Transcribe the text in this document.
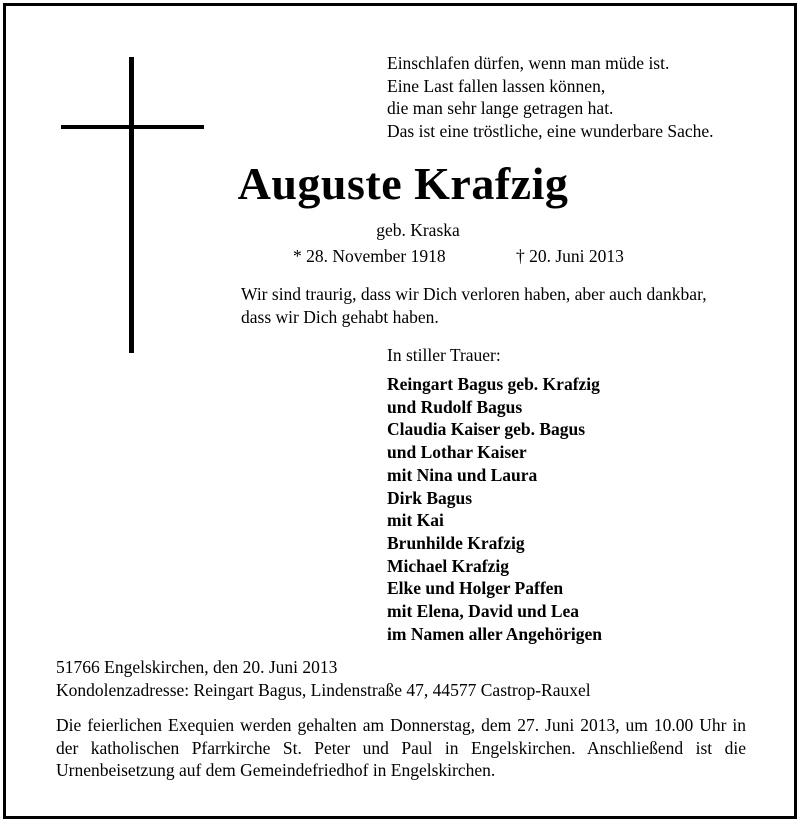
Einschlafen dürfen, wenn man müde ist.
Eine Last fallen lassen können,
die man sehr lange getragen hat.
Das ist eine tröstliche, eine wunderbare Sache.
Auguste Krafzig
geb. Kraska
* 28. November 1918	† 20. Juni 2013
Wir sind traurig, dass wir Dich verloren haben, aber auch dankbar,
dass wir Dich gehabt haben.
In stiller Trauer:
Reingart Bagus geb. Krafzig
und Rudolf Bagus
Claudia Kaiser geb. Bagus
und Lothar Kaiser
mit Nina und Laura
Dirk Bagus
mit Kai
Brunhilde Krafzig
Michael Krafzig
Elke und Holger Paffen
mit Elena, David und Lea
im Namen aller Angehörigen
51766 Engelskirchen, den 20. Juni 2013
Kondolenzadresse: Reingart Bagus, Lindenstraße 47, 44577 Castrop-Rauxel
Die feierlichen Exequien werden gehalten am Donnerstag, dem 27. Juni 2013, um 10.00 Uhr in der katholischen Pfarrkirche St. Peter und Paul in Engelskirchen. Anschließend ist die Urnenbeisetzung auf dem Gemeindefriedhof in Engelskirchen.
